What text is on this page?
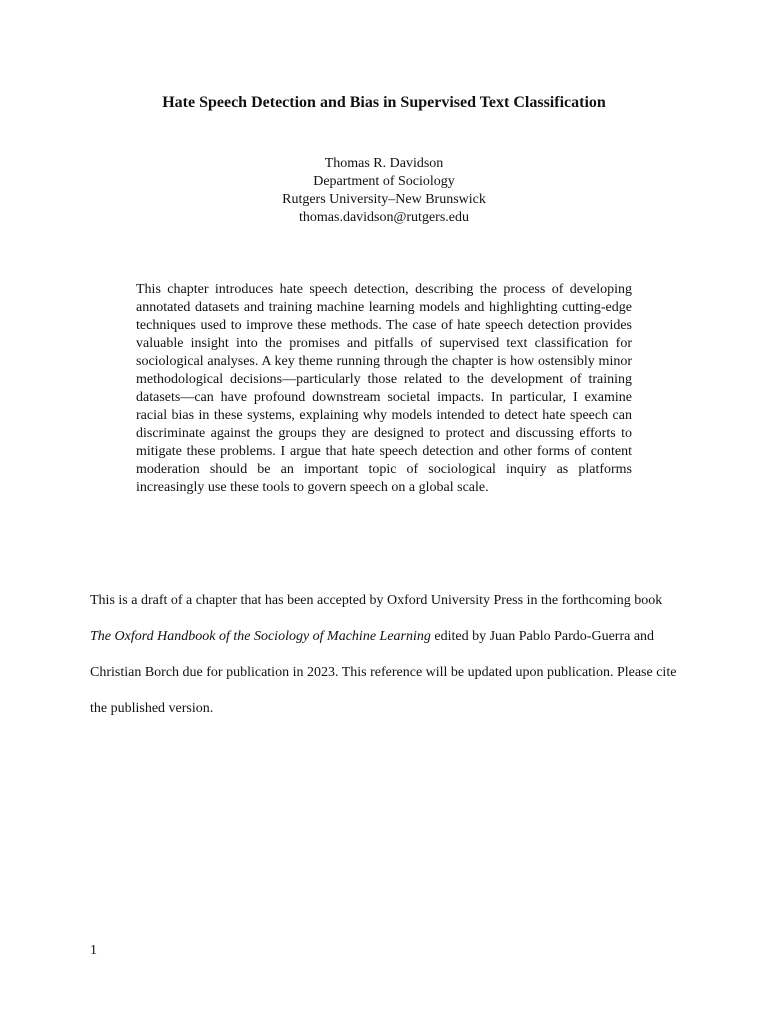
Hate Speech Detection and Bias in Supervised Text Classification
Thomas R. Davidson
Department of Sociology
Rutgers University–New Brunswick
thomas.davidson@rutgers.edu

This chapter introduces hate speech detection, describing the process of developing annotated datasets and training machine learning models and highlighting cutting-edge techniques used to improve these methods. The case of hate speech detection provides valuable insight into the promises and pitfalls of supervised text classification for sociological analyses. A key theme running through the chapter is how ostensibly minor methodological decisions—particularly those related to the development of training datasets—can have profound downstream societal impacts. In particular, I examine racial bias in these systems, explaining why models intended to detect hate speech can discriminate against the groups they are designed to protect and discussing efforts to mitigate these problems. I argue that hate speech detection and other forms of content moderation should be an important topic of sociological inquiry as platforms increasingly use these tools to govern speech on a global scale.

This is a draft of a chapter that has been accepted by Oxford University Press in the forthcoming book The Oxford Handbook of the Sociology of Machine Learning edited by Juan Pablo Pardo-Guerra and Christian Borch due for publication in 2023. This reference will be updated upon publication. Please cite the published version.

1
